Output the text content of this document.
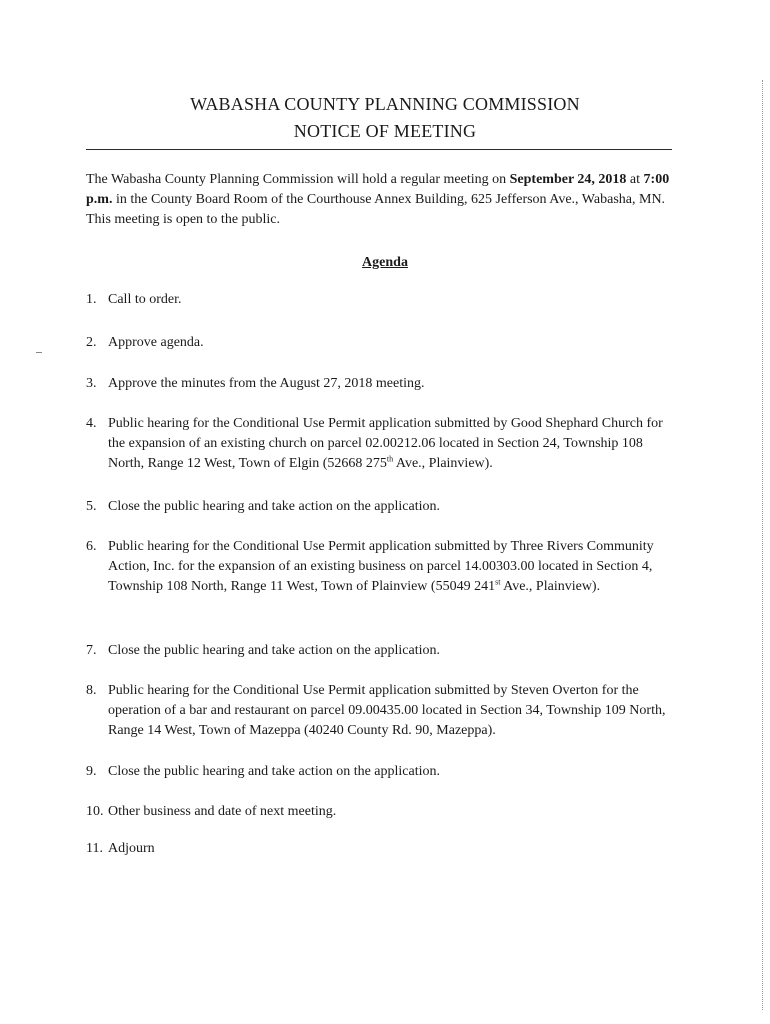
WABASHA COUNTY PLANNING COMMISSION
NOTICE OF MEETING

The Wabasha County Planning Commission will hold a regular meeting on September 24, 2018 at 7:00 p.m. in the County Board Room of the Courthouse Annex Building, 625 Jefferson Ave., Wabasha, MN. This meeting is open to the public.

Agenda

1. Call to order.
2. Approve agenda.
3. Approve the minutes from the August 27, 2018 meeting.
4. Public hearing for the Conditional Use Permit application submitted by Good Shephard Church for the expansion of an existing church on parcel 02.00212.06 located in Section 24, Township 108 North, Range 12 West, Town of Elgin (52668 275th Ave., Plainview).
5. Close the public hearing and take action on the application.
6. Public hearing for the Conditional Use Permit application submitted by Three Rivers Community Action, Inc. for the expansion of an existing business on parcel 14.00303.00 located in Section 4, Township 108 North, Range 11 West, Town of Plainview (55049 241st Ave., Plainview).
7. Close the public hearing and take action on the application.
8. Public hearing for the Conditional Use Permit application submitted by Steven Overton for the operation of a bar and restaurant on parcel 09.00435.00 located in Section 34, Township 109 North, Range 14 West, Town of Mazeppa (40240 County Rd. 90, Mazeppa).
9. Close the public hearing and take action on the application.
10. Other business and date of next meeting.
11. Adjourn
